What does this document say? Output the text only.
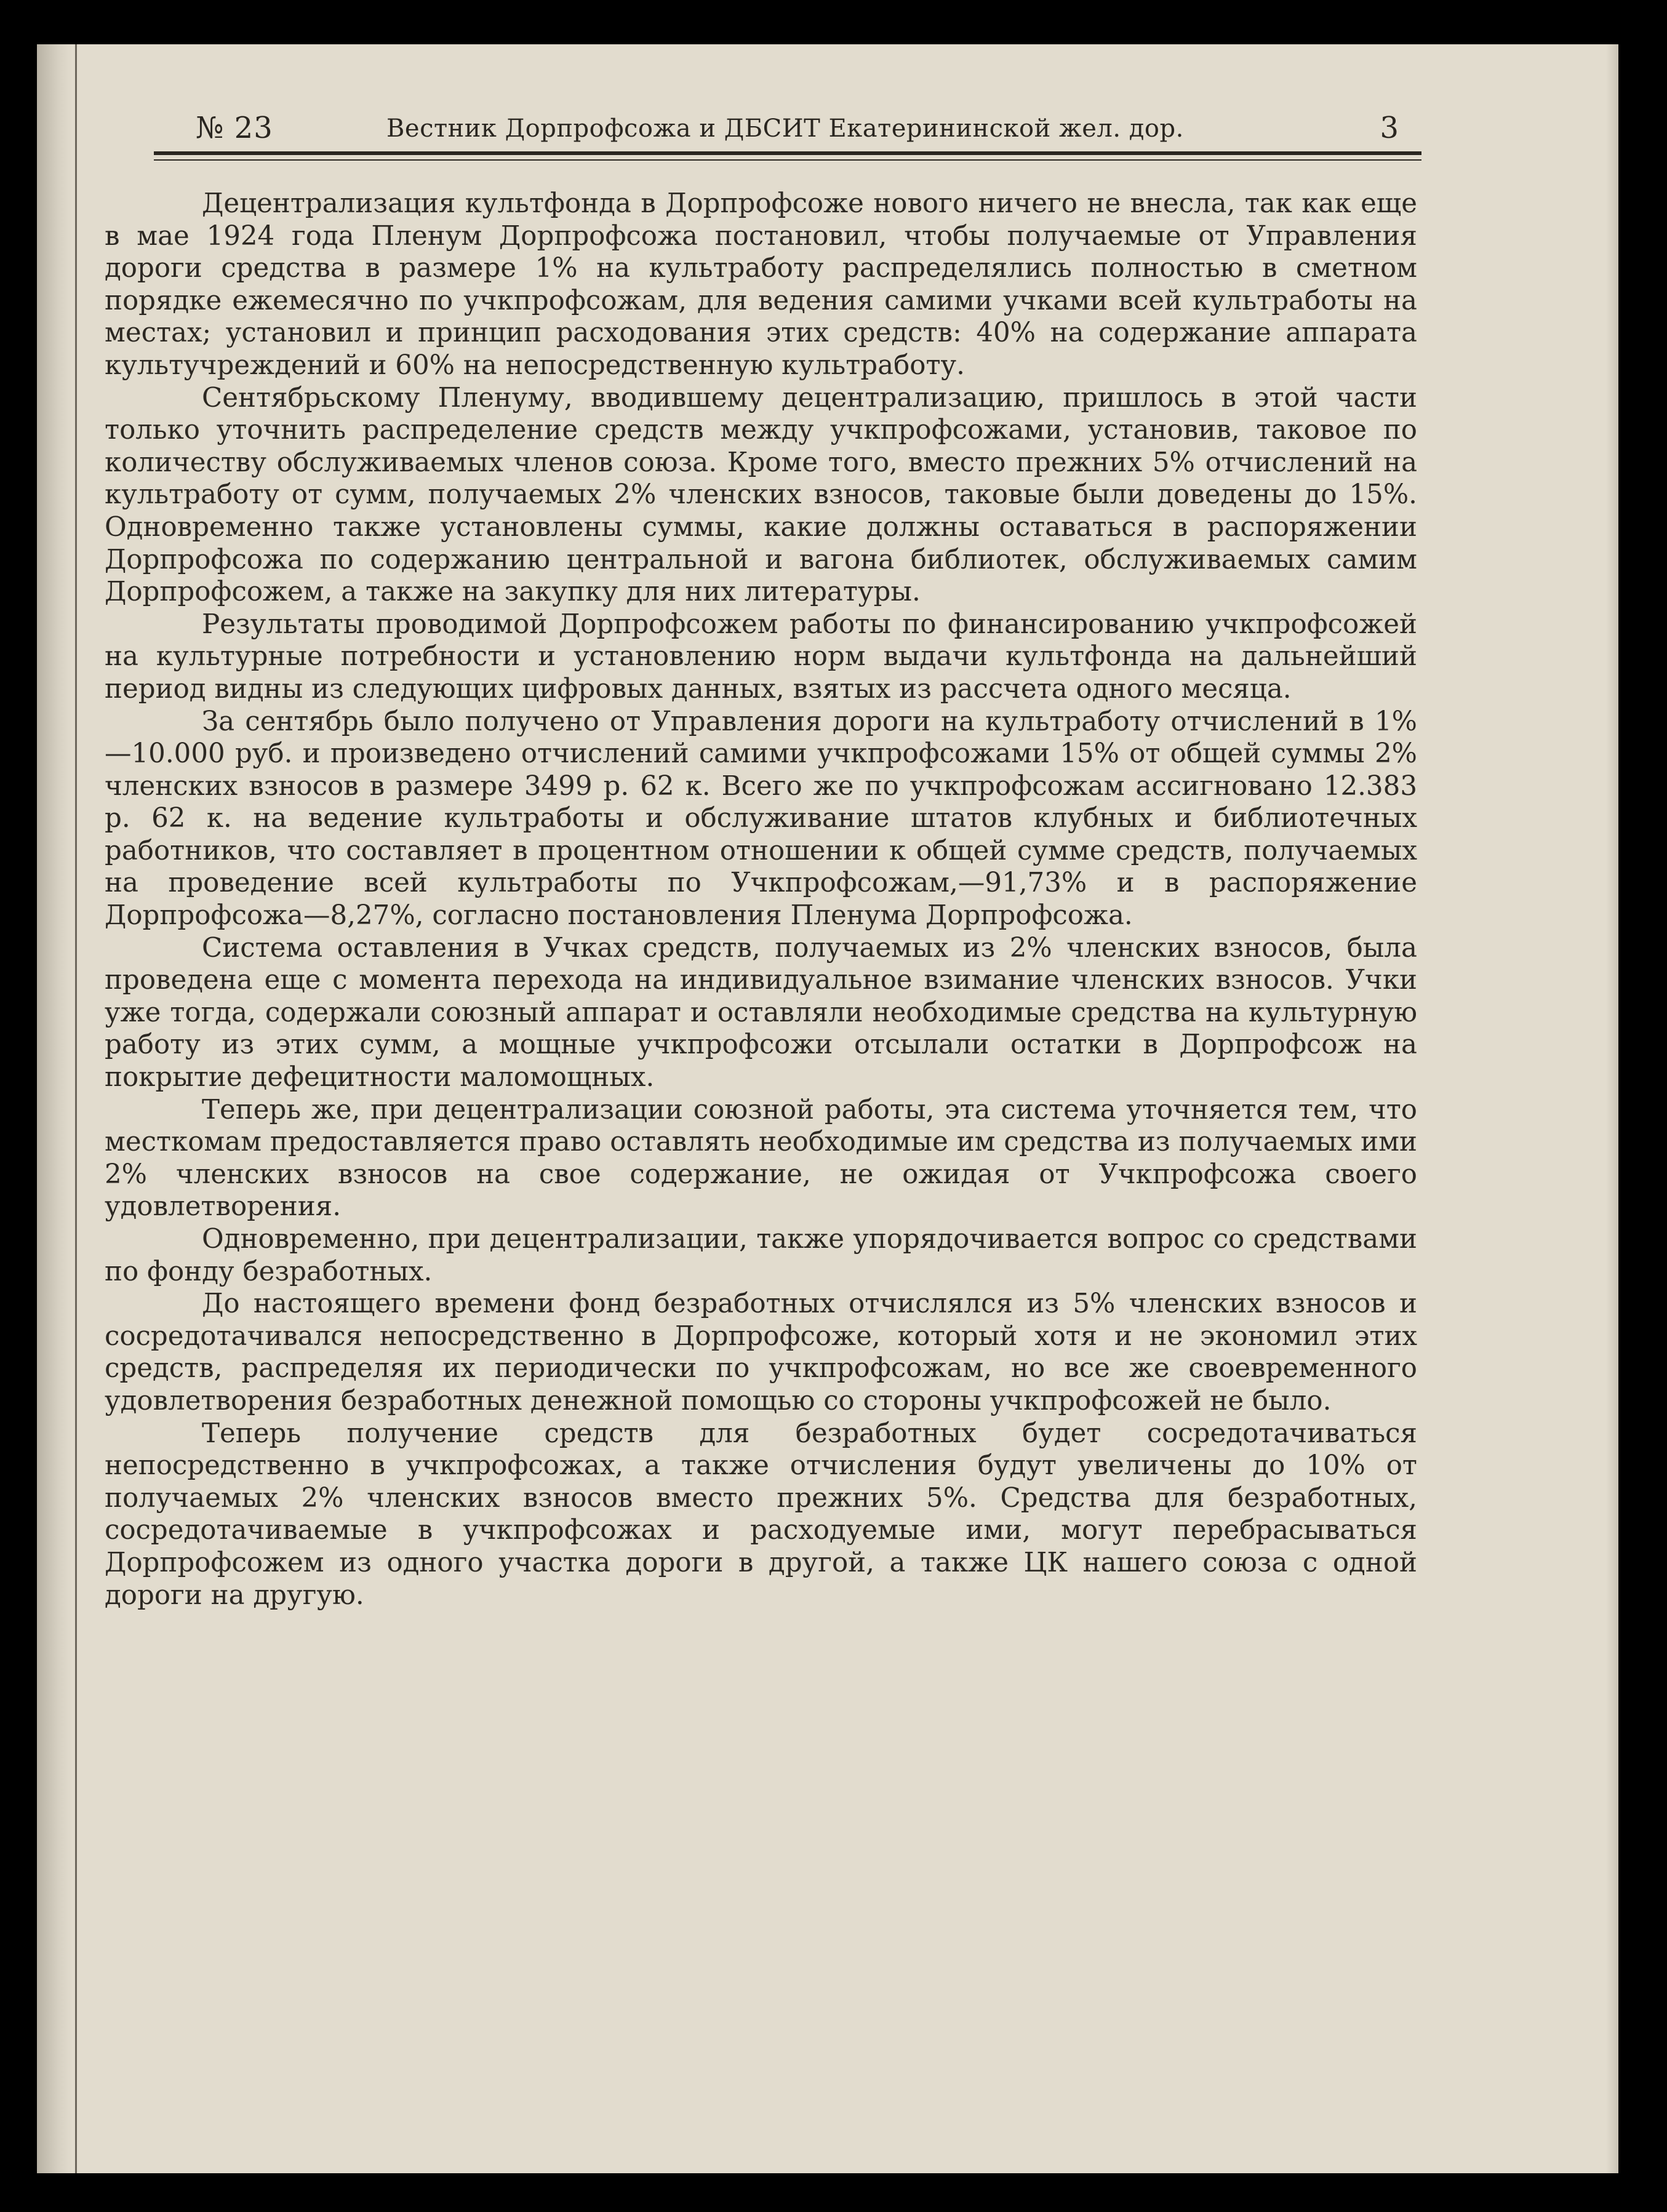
№ 23	Вестник Дорпрофсожа и ДБСИТ Екатерининской жел. дор.	3

Децентрализация культфонда в Дорпрофсоже нового ничего не внесла, так как еще в мае 1924 года Пленум Дорпрофсожа постановил, чтобы получаемые от Управления дороги средства в размере 1% на культработу распределялись полностью в сметном порядке ежемесячно по учкпрофсожам, для ведения самими учками всей культработы на местах; установил и принцип расходования этих средств: 40% на содержание аппарата культучреждений и 60% на непосредственную культработу.

Сентябрьскому Пленуму, вводившему децентрализацию, пришлось в этой части только уточнить распределение средств между учкпрофсожами, установив, таковое по количеству обслуживаемых членов союза. Кроме того, вместо прежних 5% отчислений на культработу от сумм, получаемых 2% членских взносов, таковые были доведены до 15%. Одновременно также установлены суммы, какие должны оставаться в распоряжении Дорпрофсожа по содержанию центральной и вагона библиотек, обслуживаемых самим Дорпрофсожем, а также на закупку для них литературы.

Результаты проводимой Дорпрофсожем работы по финансированию учкпрофсожей на культурные потребности и установлению норм выдачи культфонда на дальнейший период видны из следующих цифровых данных, взятых из рассчета одного месяца.

За сентябрь было получено от Управления дороги на культработу отчислений в 1%—10.000 руб. и произведено отчислений самими учкпрофсожами 15% от общей суммы 2% членских взносов в размере 3499 р. 62 к. Всего же по учкпрофсожам ассигновано 12.383 р. 62 к. на ведение культработы и обслуживание штатов клубных и библиотечных работников, что составляет в процентном отношении к общей сумме средств, получаемых на проведение всей культработы по Учкпрофсожам,—91,73% и в распоряжение Дорпрофсожа—8,27%, согласно постановления Пленума Дорпрофсожа.

Система оставления в Учках средств, получаемых из 2% членских взносов, была проведена еще с момента перехода на индивидуальное взимание членских взносов. Учки уже тогда, содержали союзный аппарат и оставляли необходимые средства на культурную работу из этих сумм, а мощные учкпрофсожи отсылали остатки в Дорпрофсож на покрытие дефецитности маломощных.

Теперь же, при децентрализации союзной работы, эта система уточняется тем, что месткомам предоставляется право оставлять необходимые им средства из получаемых ими 2% членских взносов на свое содержание, не ожидая от Учкпрофсожа своего удовлетворения.

Одновременно, при децентрализации, также упорядочивается вопрос со средствами по фонду безработных.

До настоящего времени фонд безработных отчислялся из 5% членских взносов и сосредотачивался непосредственно в Дорпрофсоже, который хотя и не экономил этих средств, распределяя их периодически по учкпрофсожам, но все же своевременного удовлетворения безработных денежной помощью со стороны учкпрофсожей не было.

Теперь получение средств для безработных будет сосредотачиваться непосредственно в учкпрофсожах, а также отчисления будут увеличены до 10% от получаемых 2% членских взносов вместо прежних 5%. Средства для безработных, сосредотачиваемые в учкпрофсожах и расходуемые ими, могут перебрасываться Дорпрофсожем из одного участка дороги в другой, а также ЦК нашего союза с одной дороги на другую.
